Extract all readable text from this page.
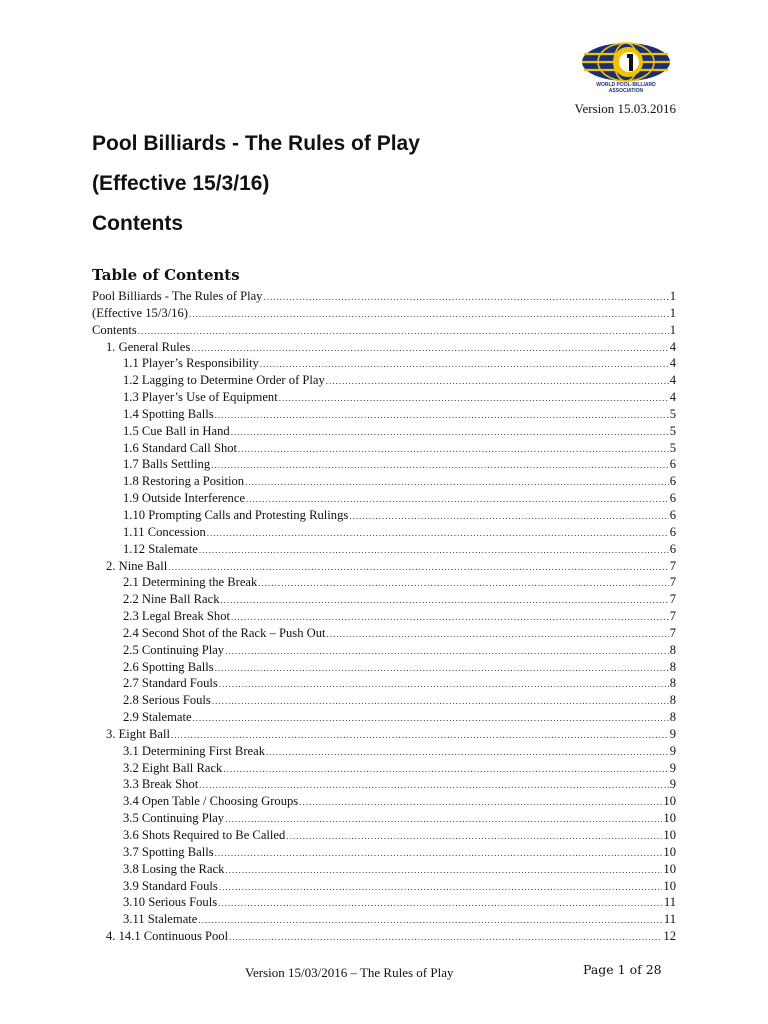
WORLD POOL-BILLIARD ASSOCIATION
Version 15.03.2016
Pool Billiards - The Rules of Play
(Effective 15/3/16)
Contents
Table of Contents
Pool Billiards - The Rules of Play .....	1
(Effective 15/3/16) .....	1
Contents .....	1
1. General Rules .....	4
1.1 Player’s Responsibility .....	4
1.2 Lagging to Determine Order of Play .....	4
1.3 Player’s Use of Equipment .....	4
1.4 Spotting Balls .....	5
1.5 Cue Ball in Hand .....	5
1.6 Standard Call Shot .....	5
1.7 Balls Settling .....	6
1.8 Restoring a Position .....	6
1.9 Outside Interference .....	6
1.10 Prompting Calls and Protesting Rulings .....	6
1.11 Concession .....	6
1.12 Stalemate .....	6
2. Nine Ball .....	7
2.1 Determining the Break .....	7
2.2 Nine Ball Rack .....	7
2.3 Legal Break Shot .....	7
2.4 Second Shot of the Rack – Push Out .....	7
2.5 Continuing Play .....	8
2.6 Spotting Balls .....	8
2.7 Standard Fouls .....	8
2.8 Serious Fouls .....	8
2.9 Stalemate .....	8
3. Eight Ball .....	9
3.1 Determining First Break .....	9
3.2 Eight Ball Rack .....	9
3.3 Break Shot .....	9
3.4 Open Table / Choosing Groups .....	10
3.5 Continuing Play .....	10
3.6 Shots Required to Be Called .....	10
3.7 Spotting Balls .....	10
3.8 Losing the Rack .....	10
3.9 Standard Fouls .....	10
3.10 Serious Fouls .....	11
3.11 Stalemate .....	11
4. 14.1 Continuous Pool .....	12
Version 15/03/2016 – The Rules of Play	Page 1 of 28
